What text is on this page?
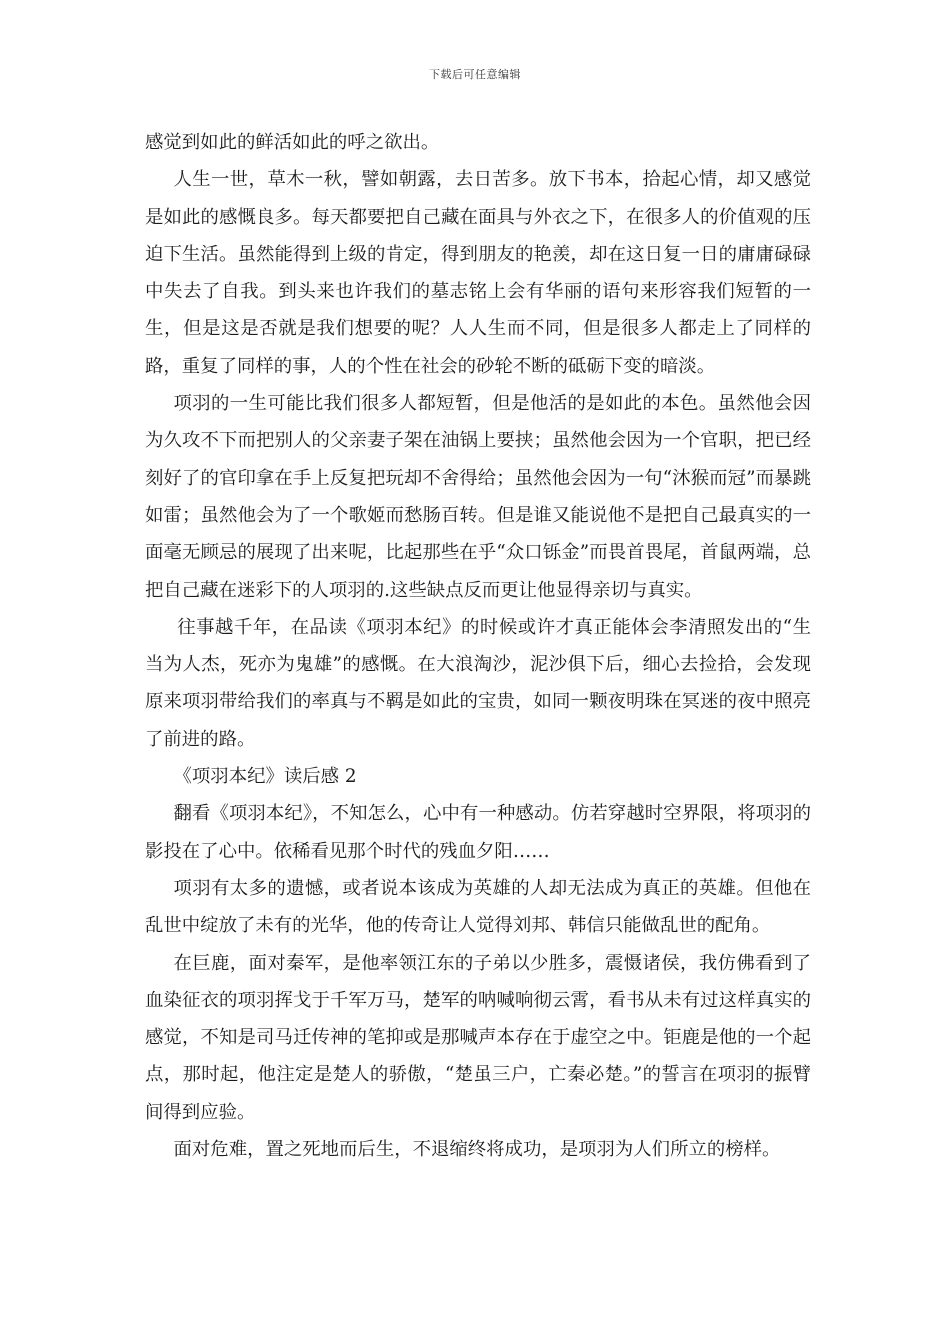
下载后可任意编辑

感觉到如此的鲜活如此的呼之欲出。

人生一世，草木一秋，譬如朝露，去日苦多。放下书本，拾起心情，却又感觉是如此的感慨良多。每天都要把自己藏在面具与外衣之下，在很多人的价值观的压迫下生活。虽然能得到上级的肯定，得到朋友的艳羡，却在这日复一日的庸庸碌碌中失去了自我。到头来也许我们的墓志铭上会有华丽的语句来形容我们短暂的一生，但是这是否就是我们想要的呢？人人生而不同，但是很多人都走上了同样的路，重复了同样的事，人的个性在社会的砂轮不断的砥砺下变的暗淡。

项羽的一生可能比我们很多人都短暂，但是他活的是如此的本色。虽然他会因为久攻不下而把别人的父亲妻子架在油锅上要挟；虽然他会因为一个官职，把已经刻好了的官印拿在手上反复把玩却不舍得给；虽然他会因为一句“沐猴而冠”而暴跳如雷；虽然他会为了一个歌姬而愁肠百转。但是谁又能说他不是把自己最真实的一面毫无顾忌的展现了出来呢，比起那些在乎“众口铄金”而畏首畏尾，首鼠两端，总把自己藏在迷彩下的人项羽的.这些缺点反而更让他显得亲切与真实。

往事越千年，在品读《项羽本纪》的时候或许才真正能体会李清照发出的“生当为人杰，死亦为鬼雄”的感慨。在大浪淘沙，泥沙俱下后，细心去捡拾，会发现原来项羽带给我们的率真与不羁是如此的宝贵，如同一颗夜明珠在冥迷的夜中照亮了前进的路。

《项羽本纪》读后感 2

翻看《项羽本纪》，不知怎么，心中有一种感动。仿若穿越时空界限，将项羽的影投在了心中。依稀看见那个时代的残血夕阳……

项羽有太多的遗憾，或者说本该成为英雄的人却无法成为真正的英雄。但他在乱世中绽放了未有的光华，他的传奇让人觉得刘邦、韩信只能做乱世的配角。

在巨鹿，面对秦军，是他率领江东的子弟以少胜多，震慑诸侯，我仿佛看到了血染征衣的项羽挥戈于千军万马，楚军的呐喊响彻云霄，看书从未有过这样真实的感觉，不知是司马迁传神的笔抑或是那喊声本存在于虚空之中。钜鹿是他的一个起点，那时起，他注定是楚人的骄傲，“楚虽三户，亡秦必楚。”的誓言在项羽的振臂间得到应验。

面对危难，置之死地而后生，不退缩终将成功，是项羽为人们所立的榜样。
